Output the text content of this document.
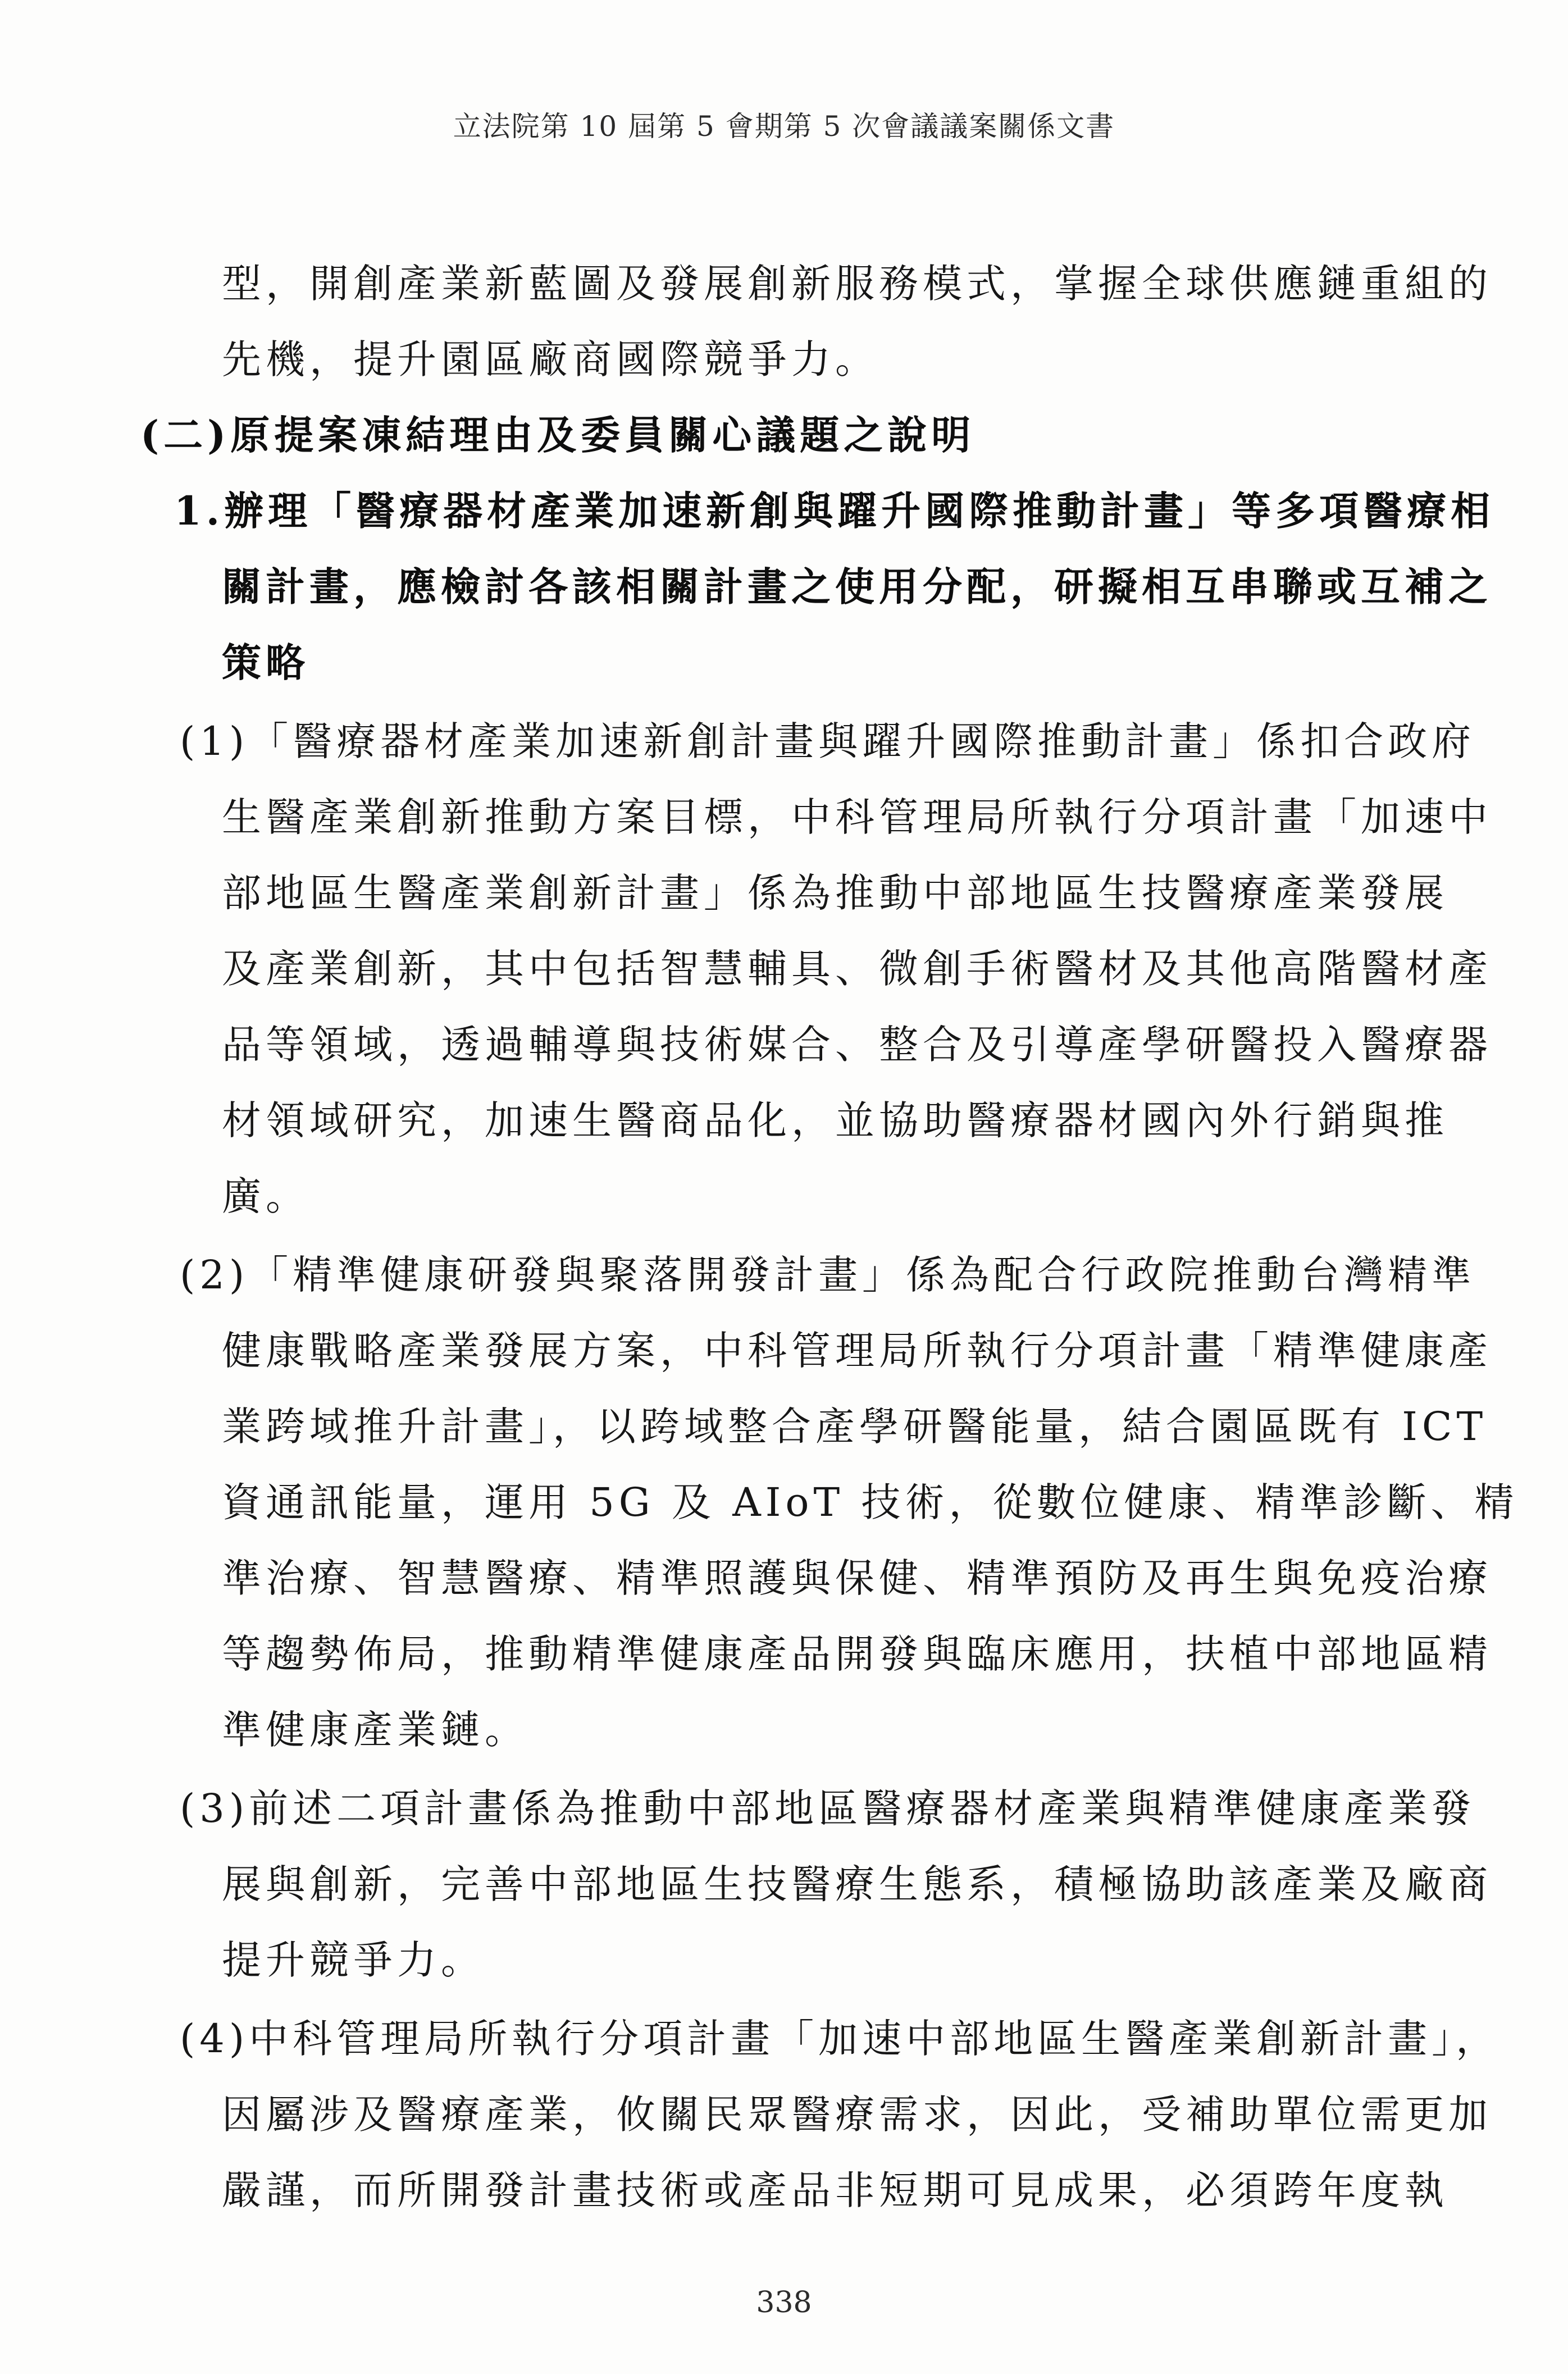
立法院第 10 屆第 5 會期第 5 次會議議案關係文書
型，開創產業新藍圖及發展創新服務模式，掌握全球供應鏈重組的
先機，提升園區廠商國際競爭力。
(二)原提案凍結理由及委員關心議題之說明
1.辦理「醫療器材產業加速新創與躍升國際推動計畫」等多項醫療相
關計畫，應檢討各該相關計畫之使用分配，研擬相互串聯或互補之
策略
(1)「醫療器材產業加速新創計畫與躍升國際推動計畫」係扣合政府
生醫產業創新推動方案目標，中科管理局所執行分項計畫「加速中
部地區生醫產業創新計畫」係為推動中部地區生技醫療產業發展
及產業創新，其中包括智慧輔具、微創手術醫材及其他高階醫材產
品等領域，透過輔導與技術媒合、整合及引導產學研醫投入醫療器
材領域研究，加速生醫商品化，並協助醫療器材國內外行銷與推
廣。
(2)「精準健康研發與聚落開發計畫」係為配合行政院推動台灣精準
健康戰略產業發展方案，中科管理局所執行分項計畫「精準健康產
業跨域推升計畫」，以跨域整合產學研醫能量，結合園區既有 ICT
資通訊能量，運用 5G 及 AIoT 技術，從數位健康、精準診斷、精
準治療、智慧醫療、精準照護與保健、精準預防及再生與免疫治療
等趨勢佈局，推動精準健康產品開發與臨床應用，扶植中部地區精
準健康產業鏈。
(3)前述二項計畫係為推動中部地區醫療器材產業與精準健康產業發
展與創新，完善中部地區生技醫療生態系，積極協助該產業及廠商
提升競爭力。
(4)中科管理局所執行分項計畫「加速中部地區生醫產業創新計畫」，
因屬涉及醫療產業，攸關民眾醫療需求，因此，受補助單位需更加
嚴謹，而所開發計畫技術或產品非短期可見成果，必須跨年度執
338
